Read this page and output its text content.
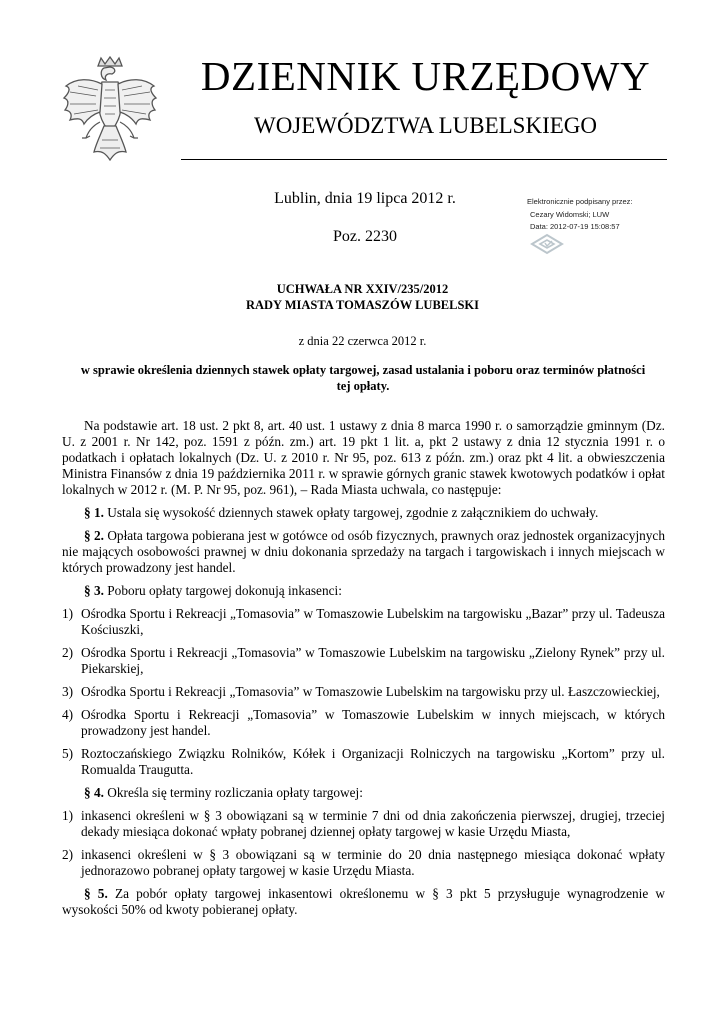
DZIENNIK URZĘDOWY
WOJEWÓDZTWA LUBELSKIEGO
Lublin, dnia 19 lipca 2012 r.
Poz. 2230
Elektronicznie podpisany przez:
Cezary Widomski; LUW
Data: 2012-07-19 15:08:57
UCHWAŁA NR XXIV/235/2012
RADY MIASTA TOMASZÓW LUBELSKI
z dnia 22 czerwca 2012 r.
w sprawie określenia dziennych stawek opłaty targowej, zasad ustalania i poboru oraz terminów płatności tej opłaty.

Na podstawie art. 18 ust. 2 pkt 8, art. 40 ust. 1 ustawy z dnia 8 marca 1990 r. o samorządzie gminnym (Dz. U. z 2001 r. Nr 142, poz. 1591 z późn. zm.) art. 19 pkt 1 lit. a, pkt 2 ustawy z dnia 12 stycznia 1991 r. o podatkach i opłatach lokalnych (Dz. U. z 2010 r. Nr 95, poz. 613 z późn. zm.) oraz pkt 4 lit. a obwieszczenia Ministra Finansów z dnia 19 października 2011 r. w sprawie górnych granic stawek kwotowych podatków i opłat lokalnych w 2012 r. (M. P. Nr 95, poz. 961), – Rada Miasta uchwala, co następuje:

§ 1. Ustala się wysokość dziennych stawek opłaty targowej, zgodnie z załącznikiem do uchwały.

§ 2. Opłata targowa pobierana jest w gotówce od osób fizycznych, prawnych oraz jednostek organizacyjnych nie mających osobowości prawnej w dniu dokonania sprzedaży na targach i targowiskach i innych miejscach w których prowadzony jest handel.

§ 3. Poboru opłaty targowej dokonują inkasenci:

1) Ośrodka Sportu i Rekreacji „Tomasovia” w Tomaszowie Lubelskim na targowisku „Bazar” przy ul. Tadeusza Kościuszki,
2) Ośrodka Sportu i Rekreacji „Tomasovia” w Tomaszowie Lubelskim na targowisku „Zielony Rynek” przy ul. Piekarskiej,
3) Ośrodka Sportu i Rekreacji „Tomasovia” w Tomaszowie Lubelskim na targowisku przy ul. Łaszczowieckiej,
4) Ośrodka Sportu i Rekreacji „Tomasovia” w Tomaszowie Lubelskim w innych miejscach, w których prowadzony jest handel.
5) Roztoczańskiego Związku Rolników, Kółek i Organizacji Rolniczych na targowisku „Kortom” przy ul. Romualda Traugutta.

§ 4. Określa się terminy rozliczania opłaty targowej:

1) inkasenci określeni w § 3 obowiązani są w terminie 7 dni od dnia zakończenia pierwszej, drugiej, trzeciej dekady miesiąca dokonać wpłaty pobranej dziennej opłaty targowej w kasie Urzędu Miasta,
2) inkasenci określeni w § 3 obowiązani są w terminie do 20 dnia następnego miesiąca dokonać wpłaty jednorazowo pobranej opłaty targowej w kasie Urzędu Miasta.

§ 5. Za pobór opłaty targowej inkasentowi określonemu w § 3 pkt 5 przysługuje wynagrodzenie w wysokości 50% od kwoty pobieranej opłaty.
